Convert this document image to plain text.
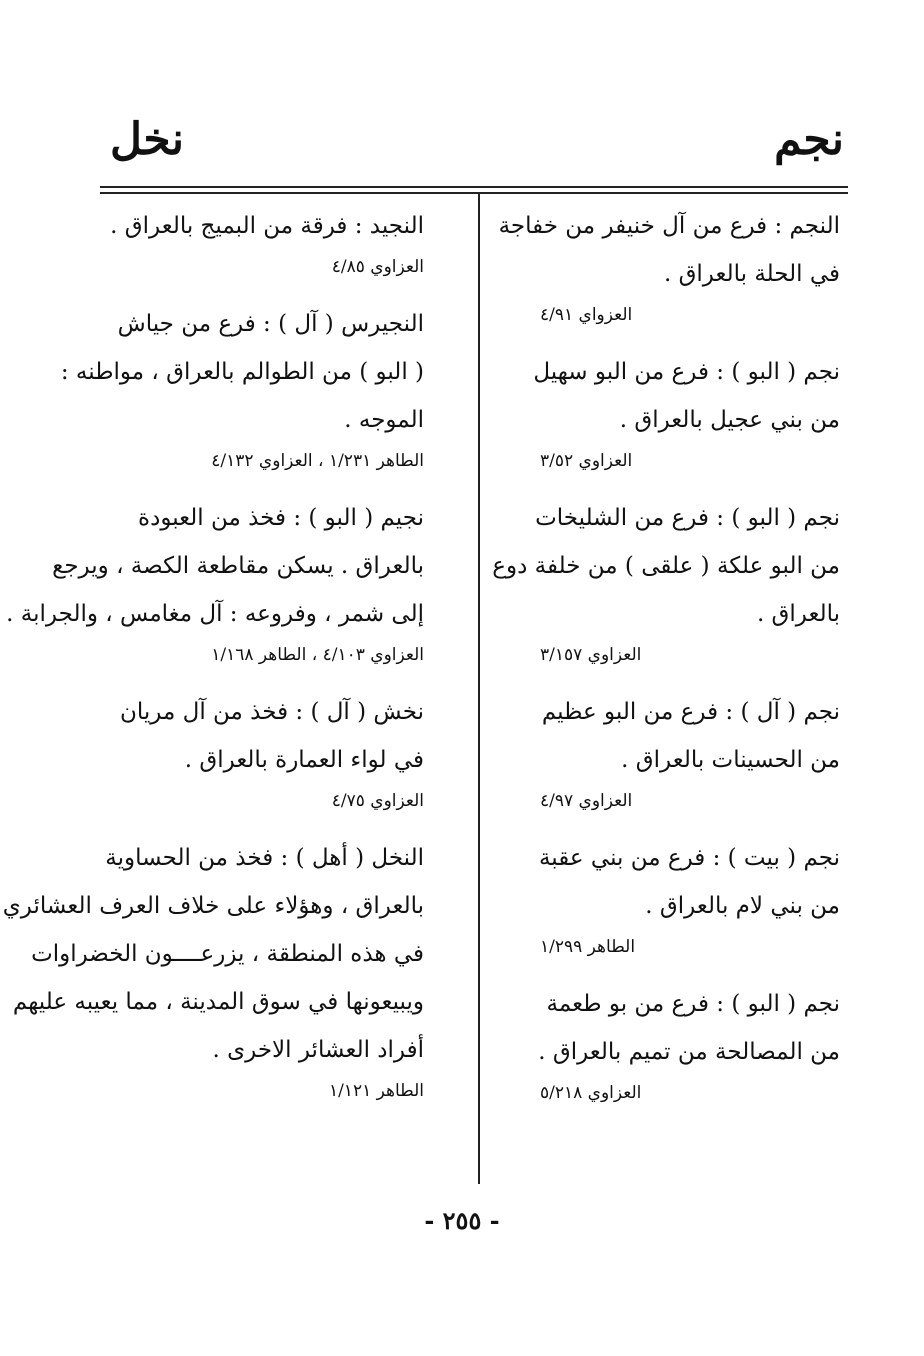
نجم
نخل
النجم : فرع من آل خنيفر من خفاجة
في الحلة بالعراق .
العزواي ٤/٩١
نجم ( البو ) : فرع من البو سهيل
من بني عجيل بالعراق .
العزاوي ٣/٥٢
نجم ( البو ) : فرع من الشليخات
من البو علكة ( علقى ) من خلفة دوع
بالعراق .
العزاوي ٣/١٥٧
نجم ( آل ) : فرع من البو عظيم
من الحسينات بالعراق .
العزاوي ٤/٩٧
نجم ( بيت ) : فرع من بني عقبة
من بني لام بالعراق .
الطاهر ١/٢٩٩
نجم ( البو ) : فرع من بو طعمة
من المصالحة من تميم بالعراق .
العزاوي ٥/٢١٨
النجيد : فرقة من البميج بالعراق .
العزاوي ٤/٨٥
النجيرس ( آل ) : فرع من جياش
( البو ) من الطوالم بالعراق ، مواطنه :
الموجه .
الطاهر ١/٢٣١ ، العزاوي ٤/١٣٢
نجيم ( البو ) : فخذ من العبودة
بالعراق . يسكن مقاطعة الكصة ، ويرجع
إلى شمر ، وفروعه : آل مغامس ، والجرابة .
العزاوي ٤/١٠٣ ، الطاهر ١/١٦٨
نخش ( آل ) : فخذ من آل مريان
في لواء العمارة بالعراق .
العزاوي ٤/٧٥
النخل ( أهل ) : فخذ من الحساوية
بالعراق ، وهؤلاء على خلاف العرف العشائري
في هذه المنطقة ، يزرعــــون الخضراوات
ويبيعونها في سوق المدينة ، مما يعيبه عليهم
أفراد العشائر الاخرى .
الطاهر ١/١٢١
- ٢٥٥ -
